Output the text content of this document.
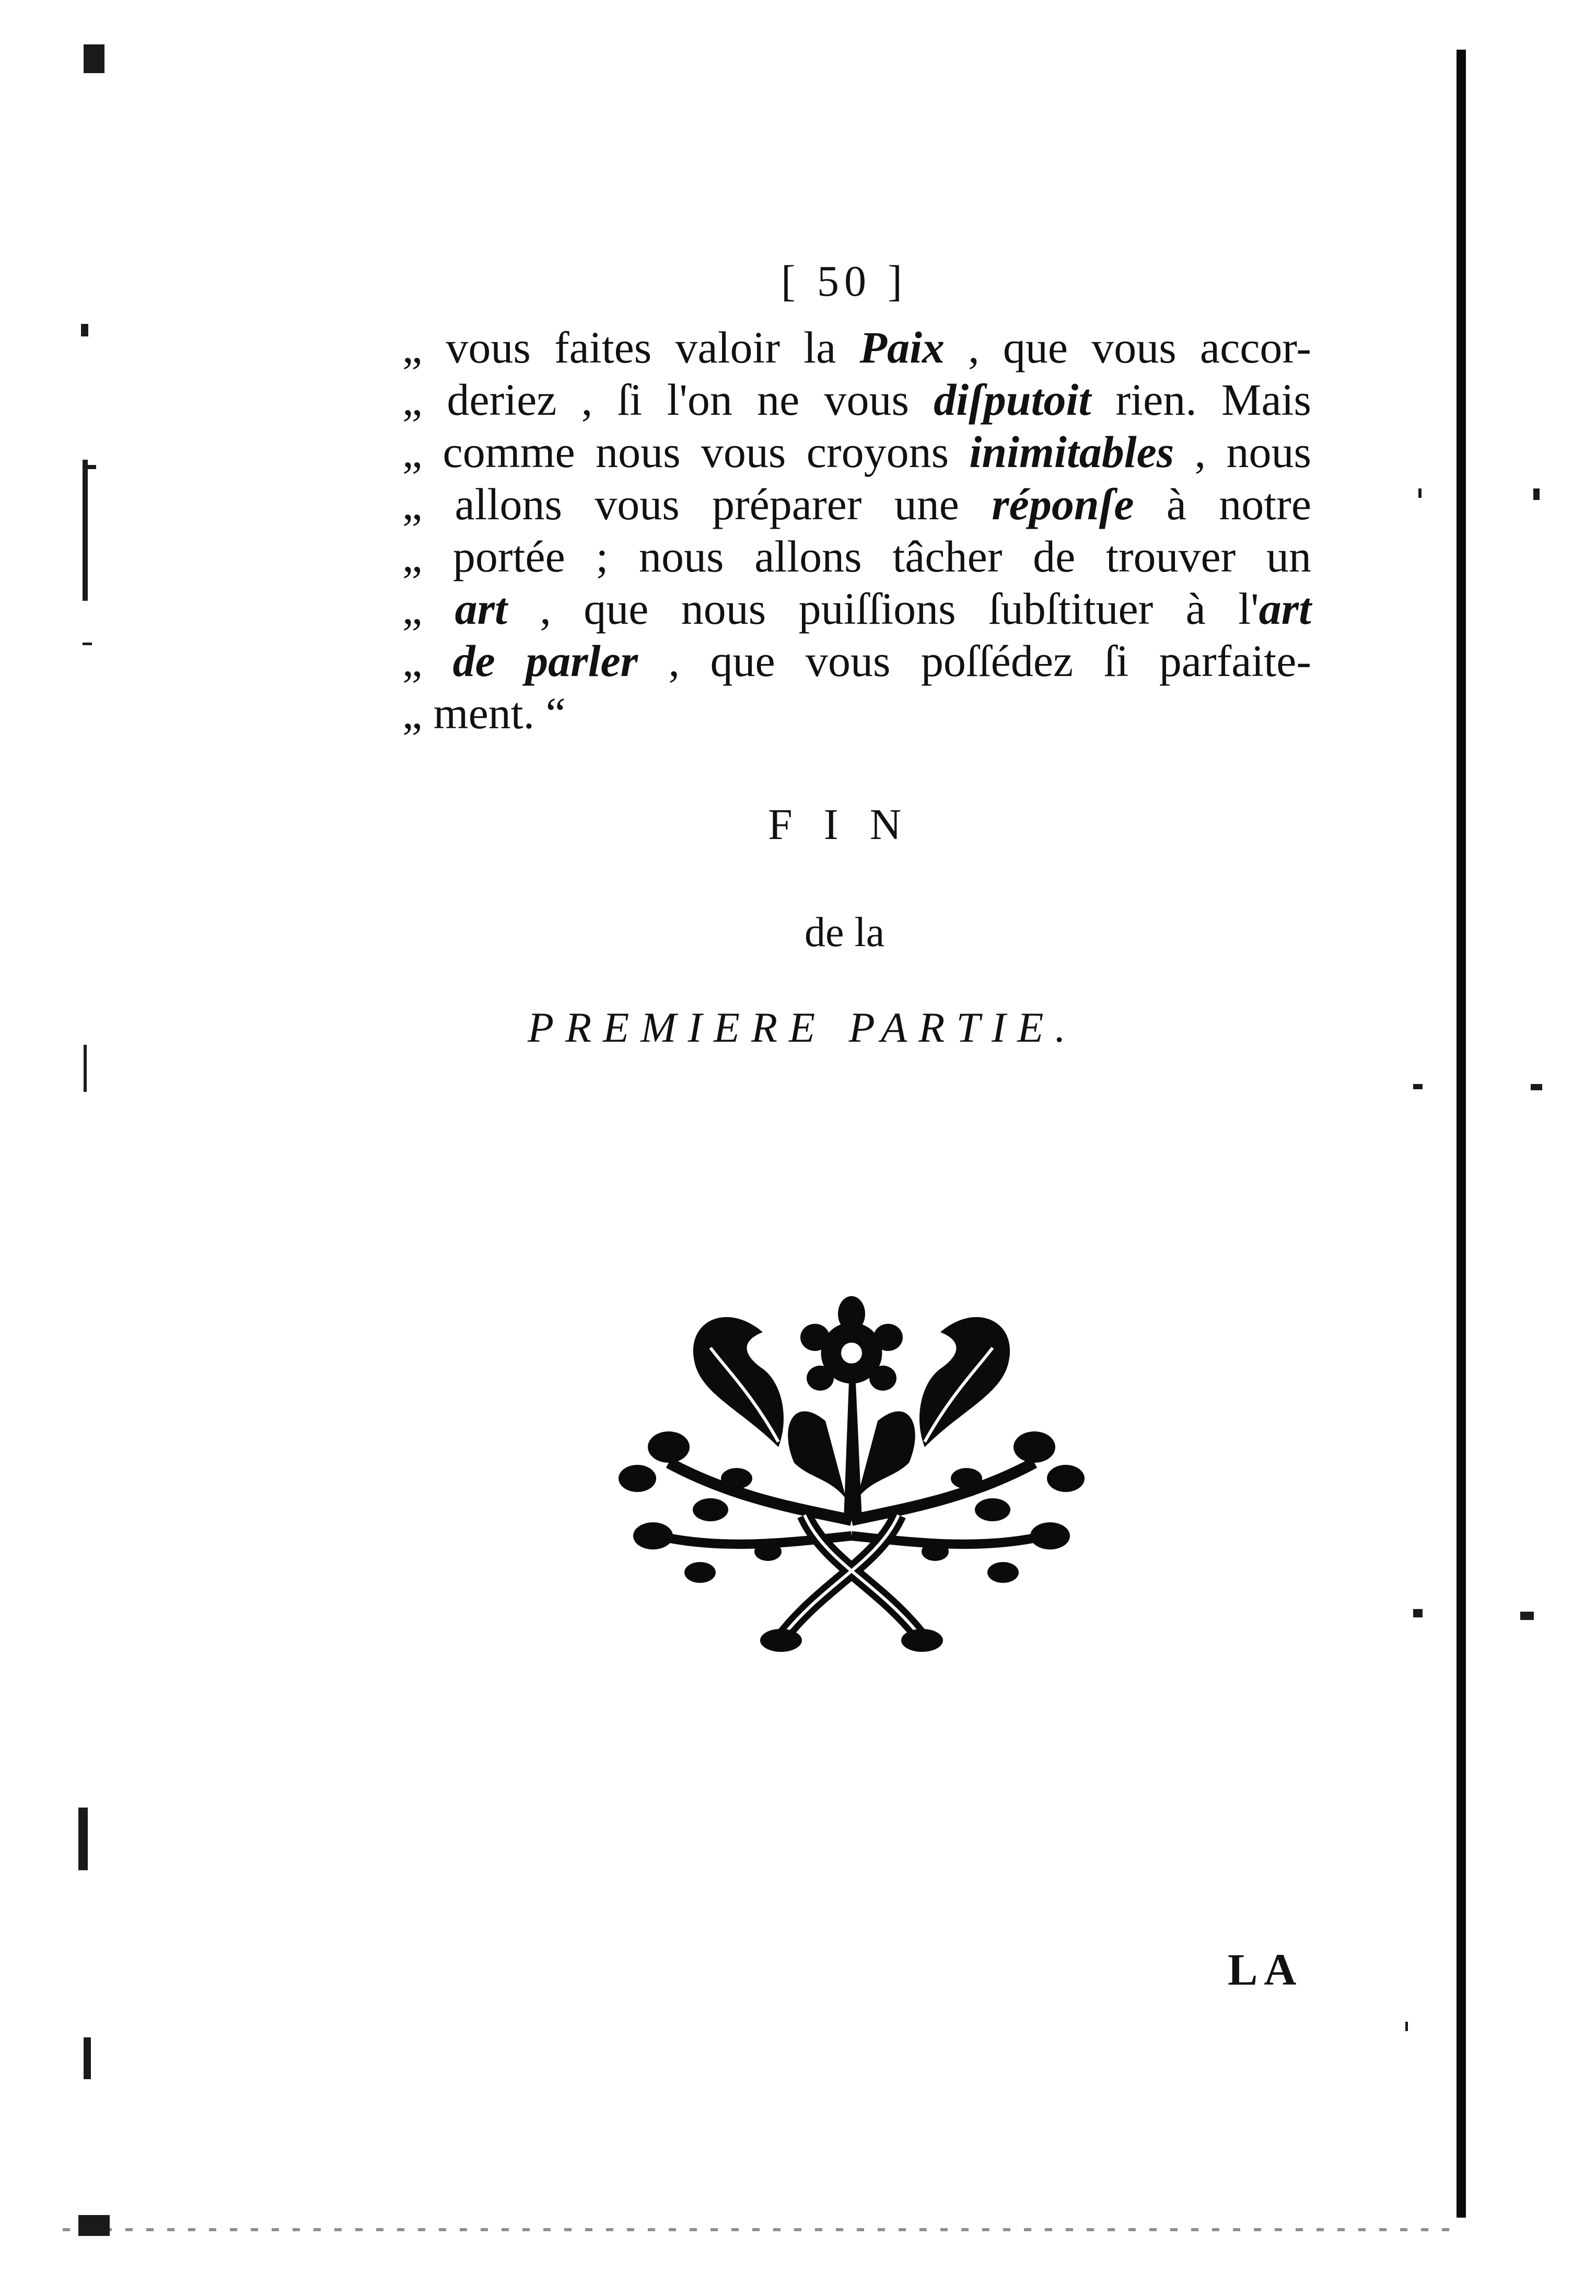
[ 50 ]
„ vous faites valoir la Paix , que vous accor-
„ deriez , ſi l'on ne vous diſputoit rien. Mais
„ comme nous vous croyons inimitables , nous
„ allons vous préparer une réponſe à notre
„ portée ; nous allons tâcher de trouver un
„ art , que nous puiſſions ſubſtituer à l'art
„ de parler , que vous poſſédez ſi parfaite-
„ ment. “
FIN
de la
PREMIERE PARTIE.
LA
